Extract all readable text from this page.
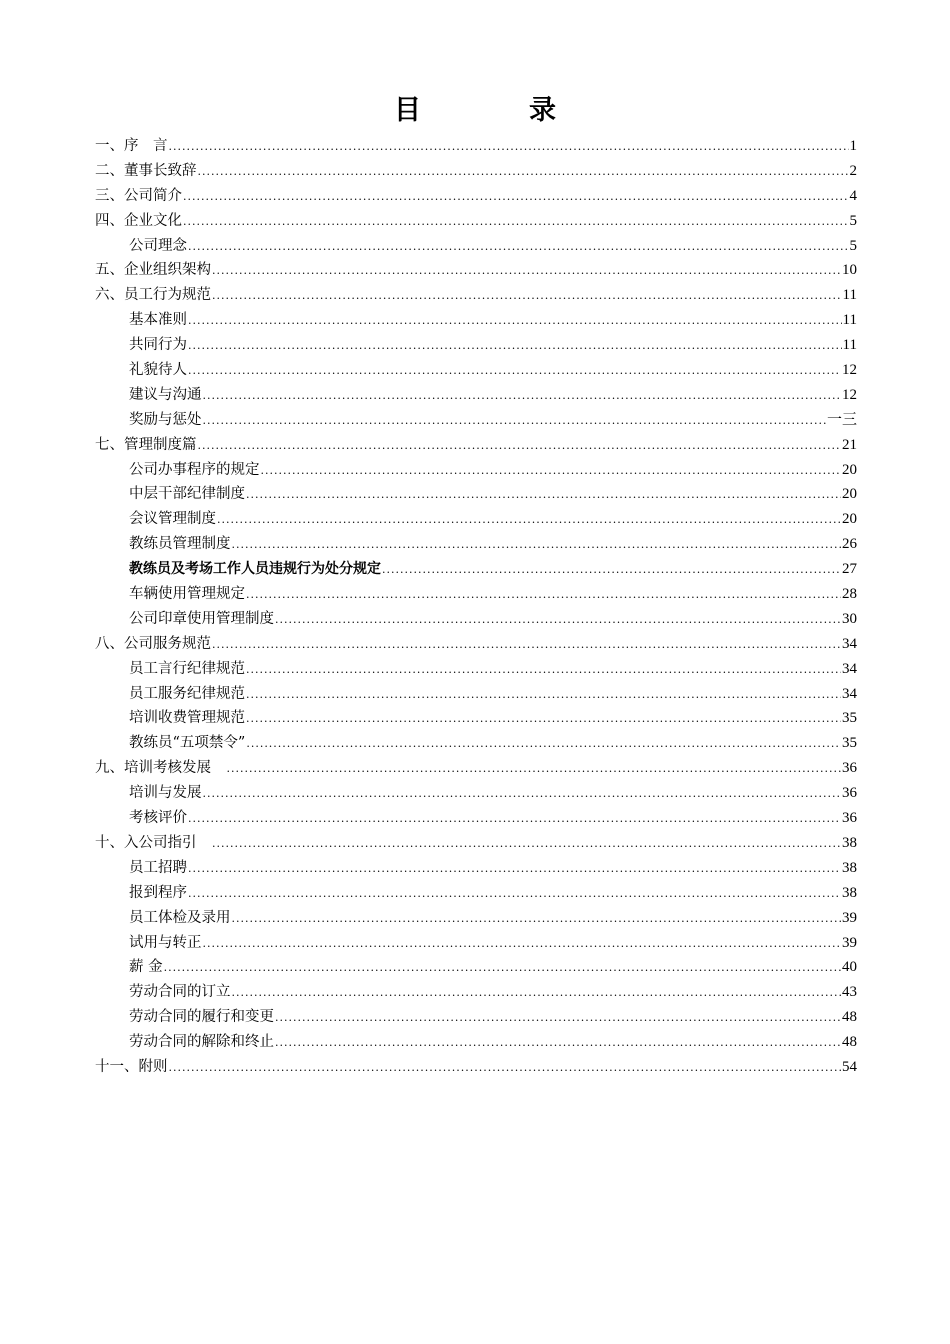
目	录
一、序　言 .....	1
二、董事长致辞 .....	2
三、公司简介 .....	4
四、企业文化 .....	5
公司理念 .....	5
五、企业组织架构 .....	10
六、员工行为规范 .....	11
基本准则 .....	11
共同行为 .....	11
礼貌待人 .....	12
建议与沟通 .....	12
奖励与惩处 .....	一三
七、管理制度篇 .....	21
公司办事程序的规定 .....	20
中层干部纪律制度 .....	20
会议管理制度 .....	20
教练员管理制度 .....	26
教练员及考场工作人员违规行为处分规定 .....	27
车辆使用管理规定 .....	28
公司印章使用管理制度 .....	30
八、公司服务规范 .....	34
员工言行纪律规范 .....	34
员工服务纪律规范 .....	34
培训收费管理规范 .....	35
教练员“五项禁令” .....	35
九、培训考核发展　 .....	36
培训与发展 .....	36
考核评价 .....	36
十、入公司指引　 .....	38
员工招聘 .....	38
报到程序 .....	38
员工体检及录用 .....	39
试用与转正 .....	39
薪 金 .....	40
劳动合同的订立 .....	43
劳动合同的履行和变更 .....	48
劳动合同的解除和终止 .....	48
十一、附则 .....	54
